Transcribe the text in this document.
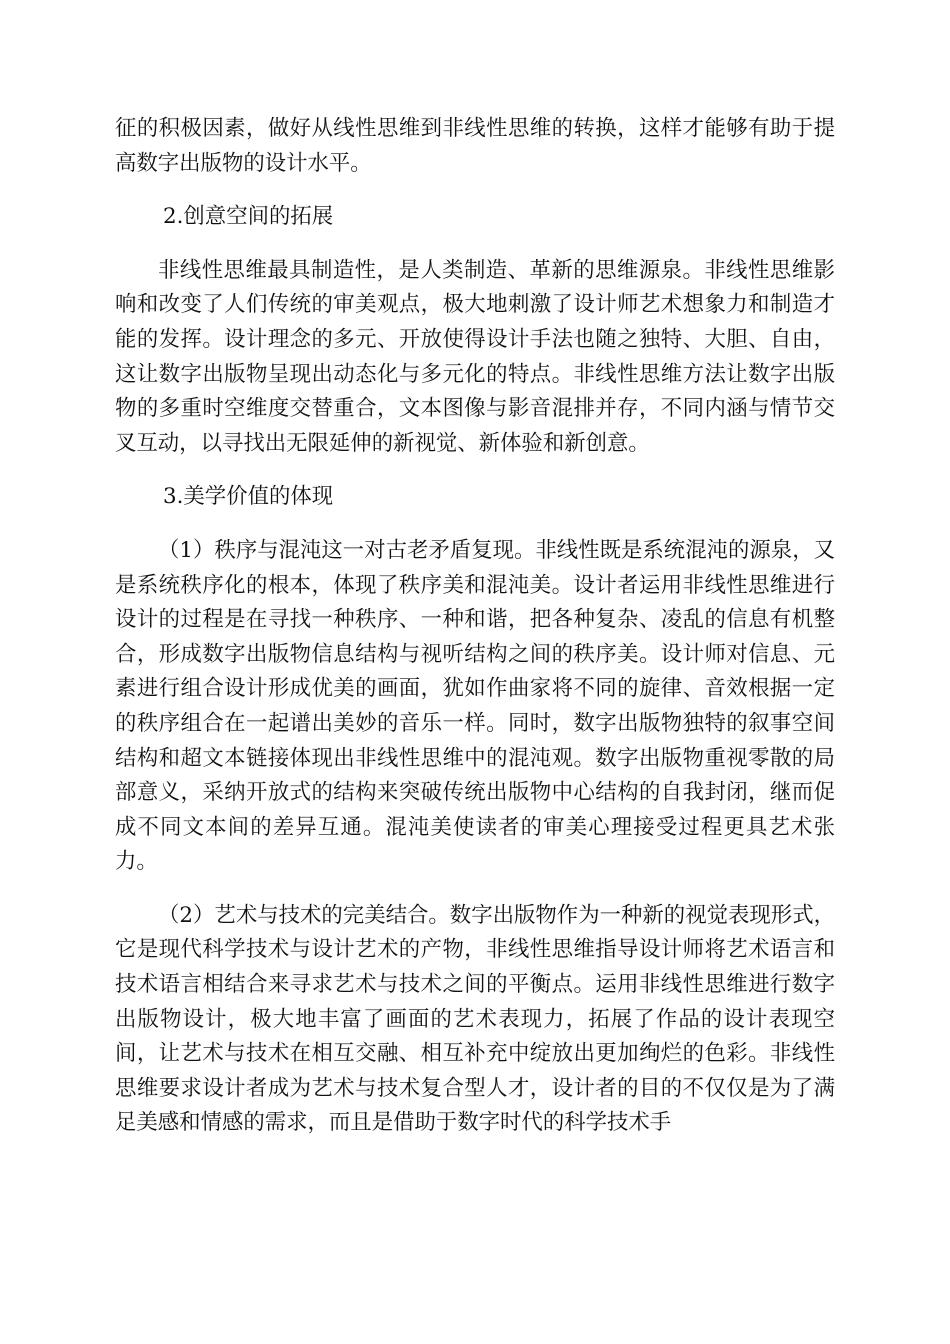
征的积极因素，做好从线性思维到非线性思维的转换，这样才能够有助于提高数字出版物的设计水平。

2.创意空间的拓展

非线性思维最具制造性，是人类制造、革新的思维源泉。非线性思维影响和改变了人们传统的审美观点，极大地刺激了设计师艺术想象力和制造才能的发挥。设计理念的多元、开放使得设计手法也随之独特、大胆、自由，这让数字出版物呈现出动态化与多元化的特点。非线性思维方法让数字出版物的多重时空维度交替重合，文本图像与影音混排并存，不同内涵与情节交叉互动，以寻找出无限延伸的新视觉、新体验和新创意。

3.美学价值的体现

（1）秩序与混沌这一对古老矛盾复现。非线性既是系统混沌的源泉，又是系统秩序化的根本，体现了秩序美和混沌美。设计者运用非线性思维进行设计的过程是在寻找一种秩序、一种和谐，把各种复杂、凌乱的信息有机整合，形成数字出版物信息结构与视听结构之间的秩序美。设计师对信息、元素进行组合设计形成优美的画面，犹如作曲家将不同的旋律、音效根据一定的秩序组合在一起谱出美妙的音乐一样。同时，数字出版物独特的叙事空间结构和超文本链接体现出非线性思维中的混沌观。数字出版物重视零散的局部意义，采纳开放式的结构来突破传统出版物中心结构的自我封闭，继而促成不同文本间的差异互通。混沌美使读者的审美心理接受过程更具艺术张力。

（2）艺术与技术的完美结合。数字出版物作为一种新的视觉表现形式，它是现代科学技术与设计艺术的产物，非线性思维指导设计师将艺术语言和技术语言相结合来寻求艺术与技术之间的平衡点。运用非线性思维进行数字出版物设计，极大地丰富了画面的艺术表现力，拓展了作品的设计表现空间，让艺术与技术在相互交融、相互补充中绽放出更加绚烂的色彩。非线性思维要求设计者成为艺术与技术复合型人才，设计者的目的不仅仅是为了满足美感和情感的需求，而且是借助于数字时代的科学技术手
